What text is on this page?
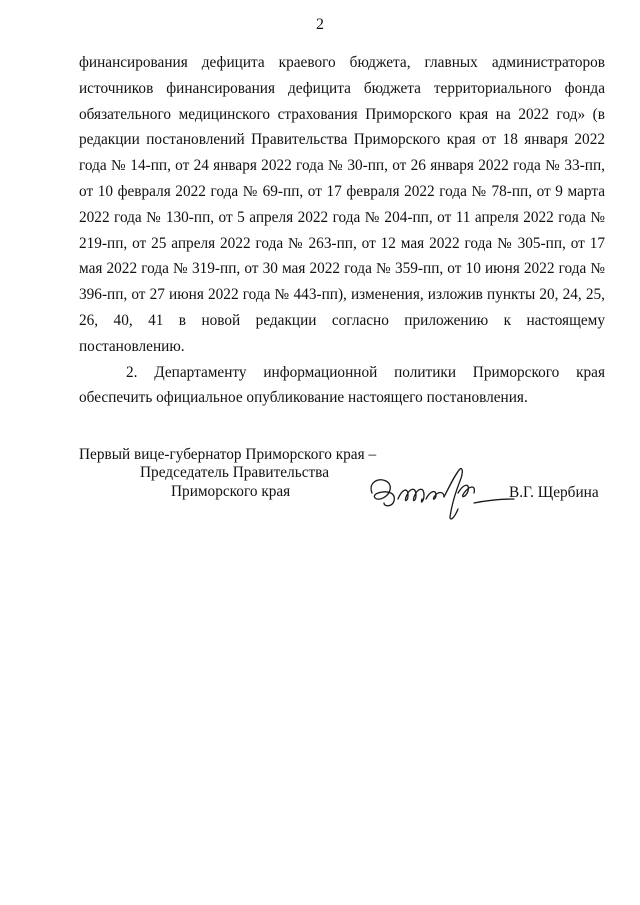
2

финансирования дефицита краевого бюджета, главных администраторов источников финансирования дефицита бюджета территориального фонда обязательного медицинского страхования Приморского края на 2022 год» (в редакции постановлений Правительства Приморского края от 18 января 2022 года № 14-пп, от 24 января 2022 года № 30-пп, от 26 января 2022 года № 33-пп, от 10 февраля 2022 года № 69-пп, от 17 февраля 2022 года № 78-пп, от 9 марта 2022 года № 130-пп, от 5 апреля 2022 года № 204-пп, от 11 апреля 2022 года № 219-пп, от 25 апреля 2022 года № 263-пп, от 12 мая 2022 года № 305-пп, от 17 мая 2022 года № 319-пп, от 30 мая 2022 года № 359-пп, от 10 июня 2022 года № 396-пп, от 27 июня 2022 года № 443-пп), изменения, изложив пункты 20, 24, 25, 26, 40, 41 в новой редакции согласно приложению к настоящему постановлению.

2. Департаменту информационной политики Приморского края обеспечить официальное опубликование настоящего постановления.

Первый вице-губернатор Приморского края –
Председатель Правительства
Приморского края	В.Г. Щербина
